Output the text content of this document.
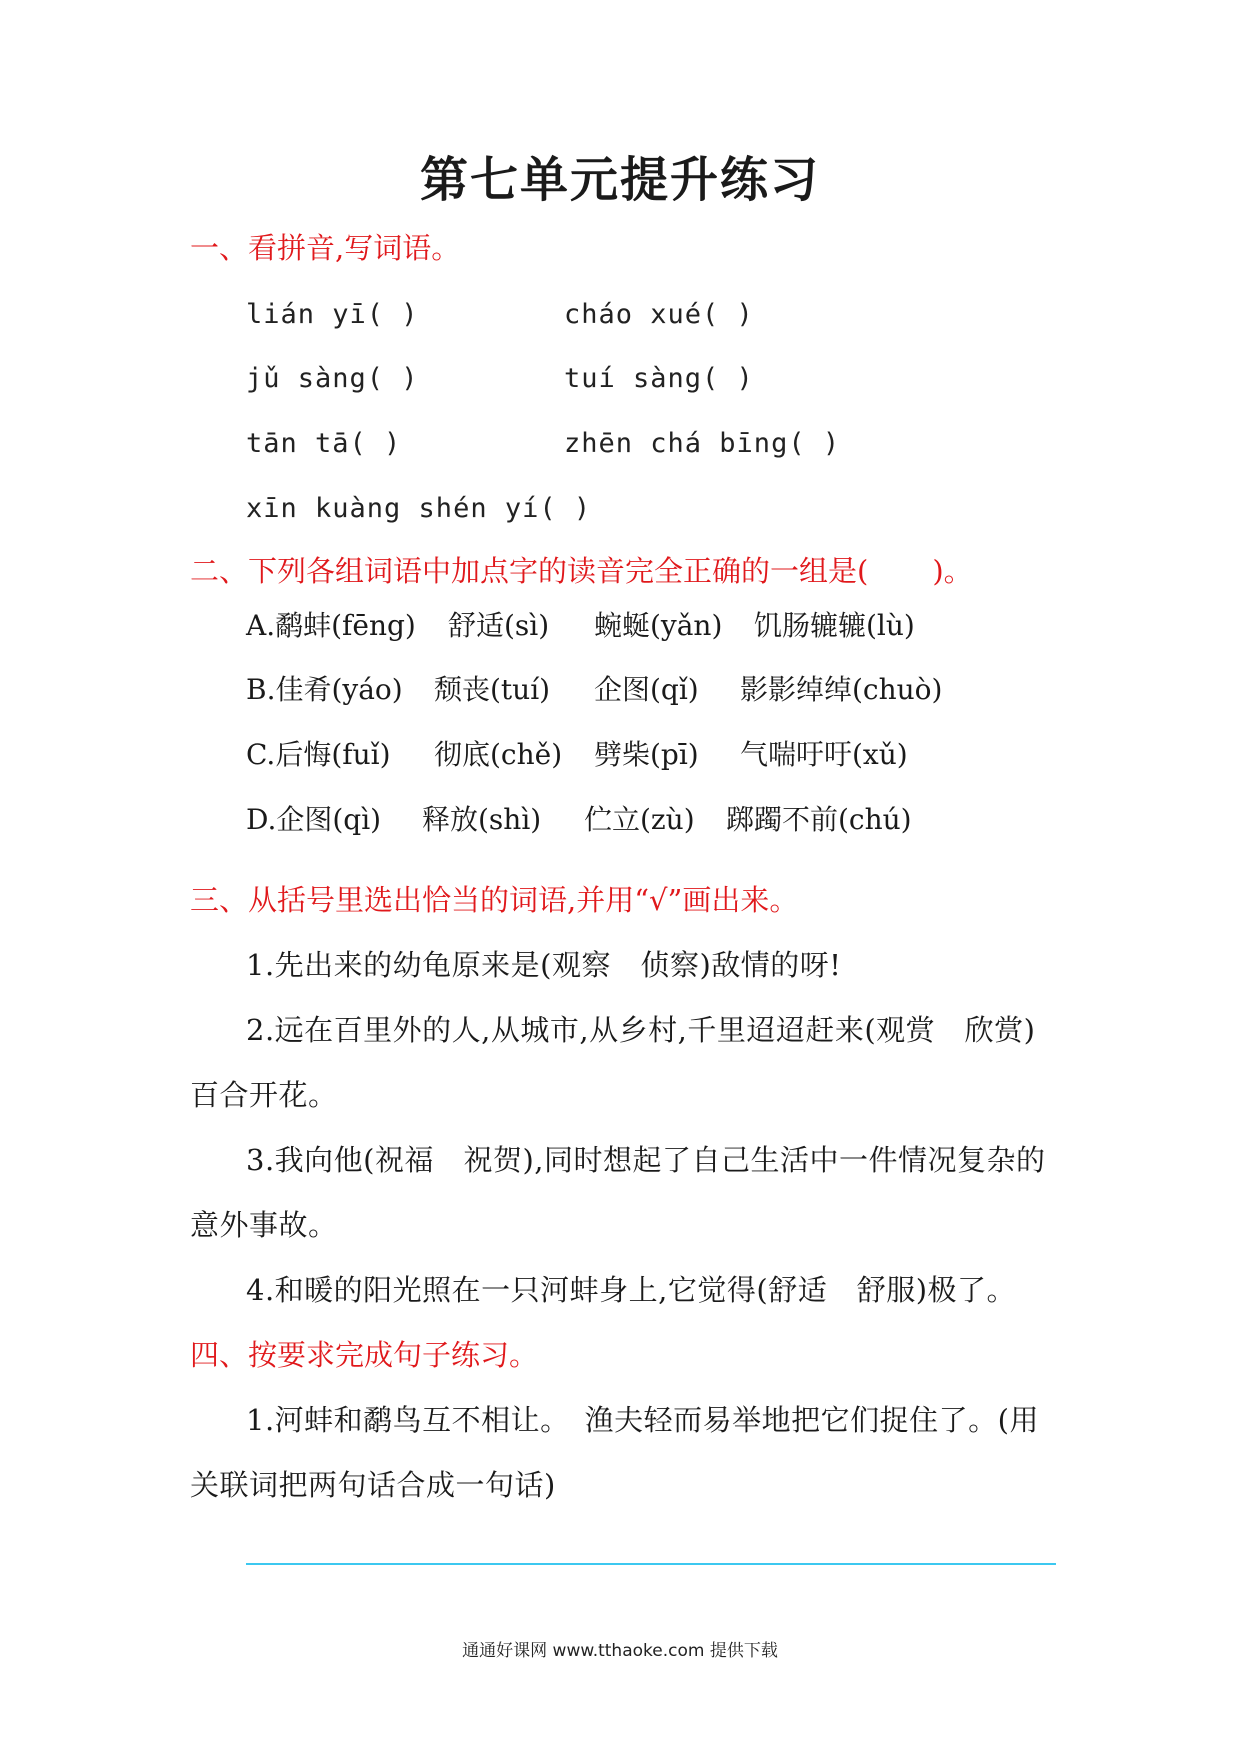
第七单元提升练习
一、看拼音,写词语。
lián yī( )	cháo xué( )
jǔ sàng( )	tuí sàng( )
tān tā( )	zhēn chá bīng( )
xīn kuàng shén yí( )
二、下列各组词语中加点字的读音完全正确的一组是( )。
A.鹬蚌(fēng) 舒适(sì) 蜿蜒(yǎn) 饥肠辘辘(lù)
B.佳肴(yáo) 颓丧(tuí) 企图(qǐ) 影影绰绰(chuò)
C.后悔(fuǐ) 彻底(chě) 劈柴(pī) 气喘吁吁(xǔ)
D.企图(qì) 释放(shì) 伫立(zù) 踯躅不前(chú)
三、从括号里选出恰当的词语,并用“√”画出来。
1.先出来的幼龟原来是(观察　侦察)敌情的呀!
2.远在百里外的人,从城市,从乡村,千里迢迢赶来(观赏　欣赏)
百合开花。
3.我向他(祝福　祝贺),同时想起了自己生活中一件情况复杂的
意外事故。
4.和暖的阳光照在一只河蚌身上,它觉得(舒适　舒服)极了。
四、按要求完成句子练习。
1.河蚌和鹬鸟互不相让。　渔夫轻而易举地把它们捉住了。(用
关联词把两句话合成一句话)
通通好课网 www.tthaoke.com 提供下载
